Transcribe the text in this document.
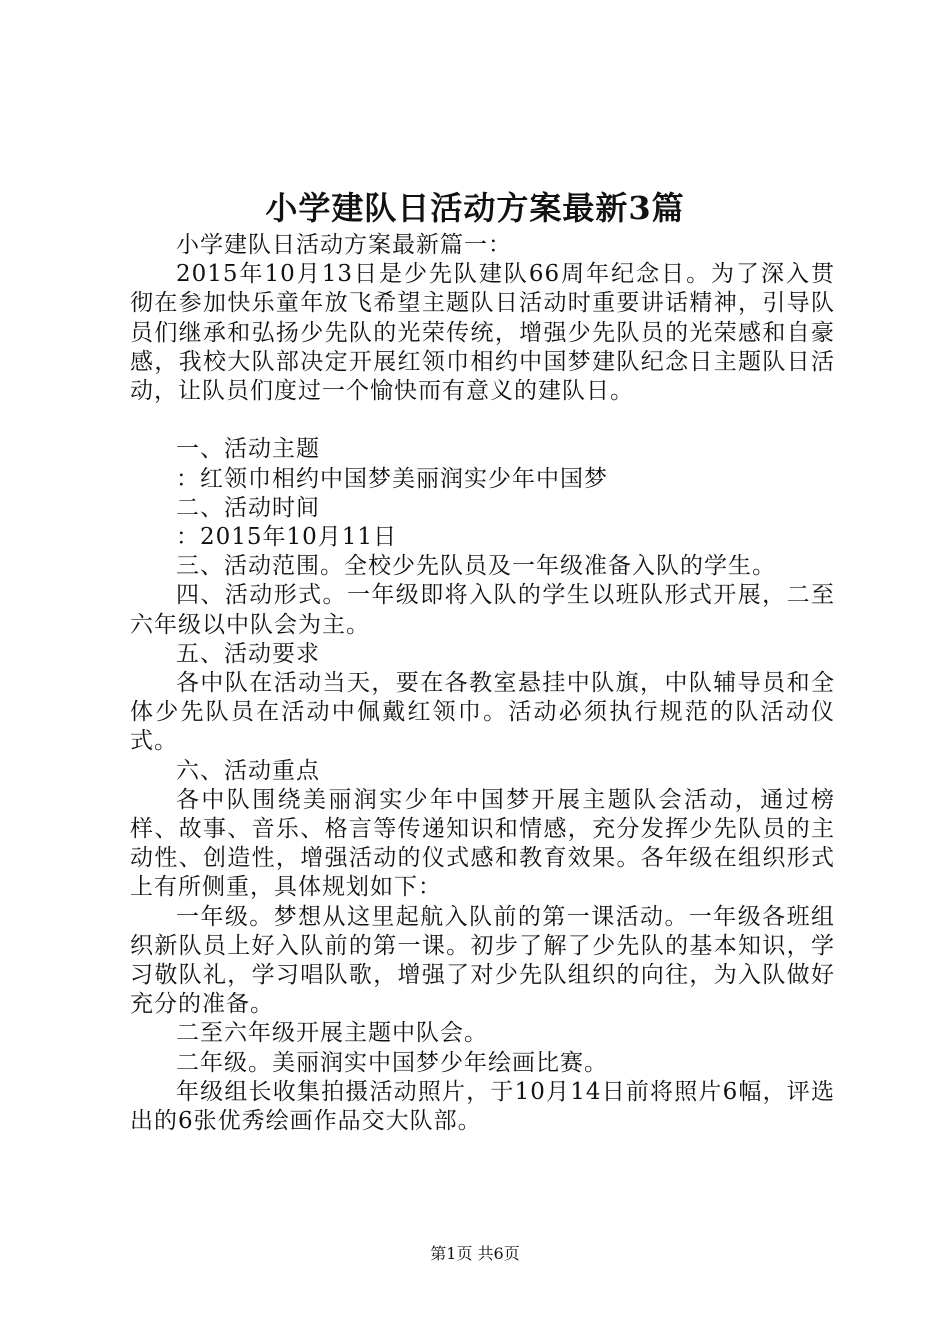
小学建队日活动方案最新3篇

小学建队日活动方案最新篇一：

2015年10月13日是少先队建队66周年纪念日。为了深入贯彻在参加快乐童年放飞希望主题队日活动时重要讲话精神，引导队员们继承和弘扬少先队的光荣传统，增强少先队员的光荣感和自豪感，我校大队部决定开展红领巾相约中国梦建队纪念日主题队日活动，让队员们度过一个愉快而有意义的建队日。

一、活动主题

：红领巾相约中国梦美丽润实少年中国梦

二、活动时间

：2015年10月11日

三、活动范围。全校少先队员及一年级准备入队的学生。

四、活动形式。一年级即将入队的学生以班队形式开展，二至六年级以中队会为主。

五、活动要求

各中队在活动当天，要在各教室悬挂中队旗，中队辅导员和全体少先队员在活动中佩戴红领巾。活动必须执行规范的队活动仪式。

六、活动重点

各中队围绕美丽润实少年中国梦开展主题队会活动，通过榜样、故事、音乐、格言等传递知识和情感，充分发挥少先队员的主动性、创造性，增强活动的仪式感和教育效果。各年级在组织形式上有所侧重，具体规划如下：

一年级。梦想从这里起航入队前的第一课活动。一年级各班组织新队员上好入队前的第一课。初步了解了少先队的基本知识，学习敬队礼，学习唱队歌，增强了对少先队组织的向往，为入队做好充分的准备。

二至六年级开展主题中队会。

二年级。美丽润实中国梦少年绘画比赛。

年级组长收集拍摄活动照片，于10月14日前将照片6幅，评选出的6张优秀绘画作品交大队部。

第1页 共6页
